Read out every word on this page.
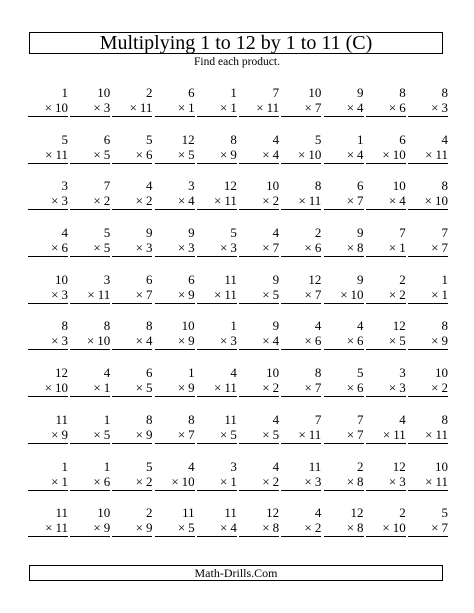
Multiplying 1 to 12 by 1 to 11 (C)
Find each product.
1
× 10
10
× 3
2
× 11
6
× 1
1
× 1
7
× 11
10
× 7
9
× 4
8
× 6
8
× 3
5
× 11
6
× 5
5
× 6
12
× 5
8
× 9
4
× 4
5
× 10
1
× 4
6
× 10
4
× 11
3
× 3
7
× 2
4
× 2
3
× 4
12
× 11
10
× 2
8
× 11
6
× 7
10
× 4
8
× 10
4
× 6
5
× 5
9
× 3
9
× 3
5
× 3
4
× 7
2
× 6
9
× 8
7
× 1
7
× 7
10
× 3
3
× 11
6
× 7
6
× 9
11
× 11
9
× 5
12
× 7
9
× 10
2
× 2
1
× 1
8
× 3
8
× 10
8
× 4
10
× 9
1
× 3
9
× 4
4
× 6
4
× 6
12
× 5
8
× 9
12
× 10
4
× 1
6
× 5
1
× 9
4
× 11
10
× 2
8
× 7
5
× 6
3
× 3
10
× 2
11
× 9
1
× 5
8
× 9
8
× 7
11
× 5
4
× 5
7
× 11
7
× 7
4
× 11
8
× 11
1
× 1
1
× 6
5
× 2
4
× 10
3
× 1
4
× 2
11
× 3
2
× 8
12
× 3
10
× 11
11
× 11
10
× 9
2
× 9
11
× 5
11
× 4
12
× 8
4
× 2
12
× 8
2
× 10
5
× 7
Math-Drills.Com
